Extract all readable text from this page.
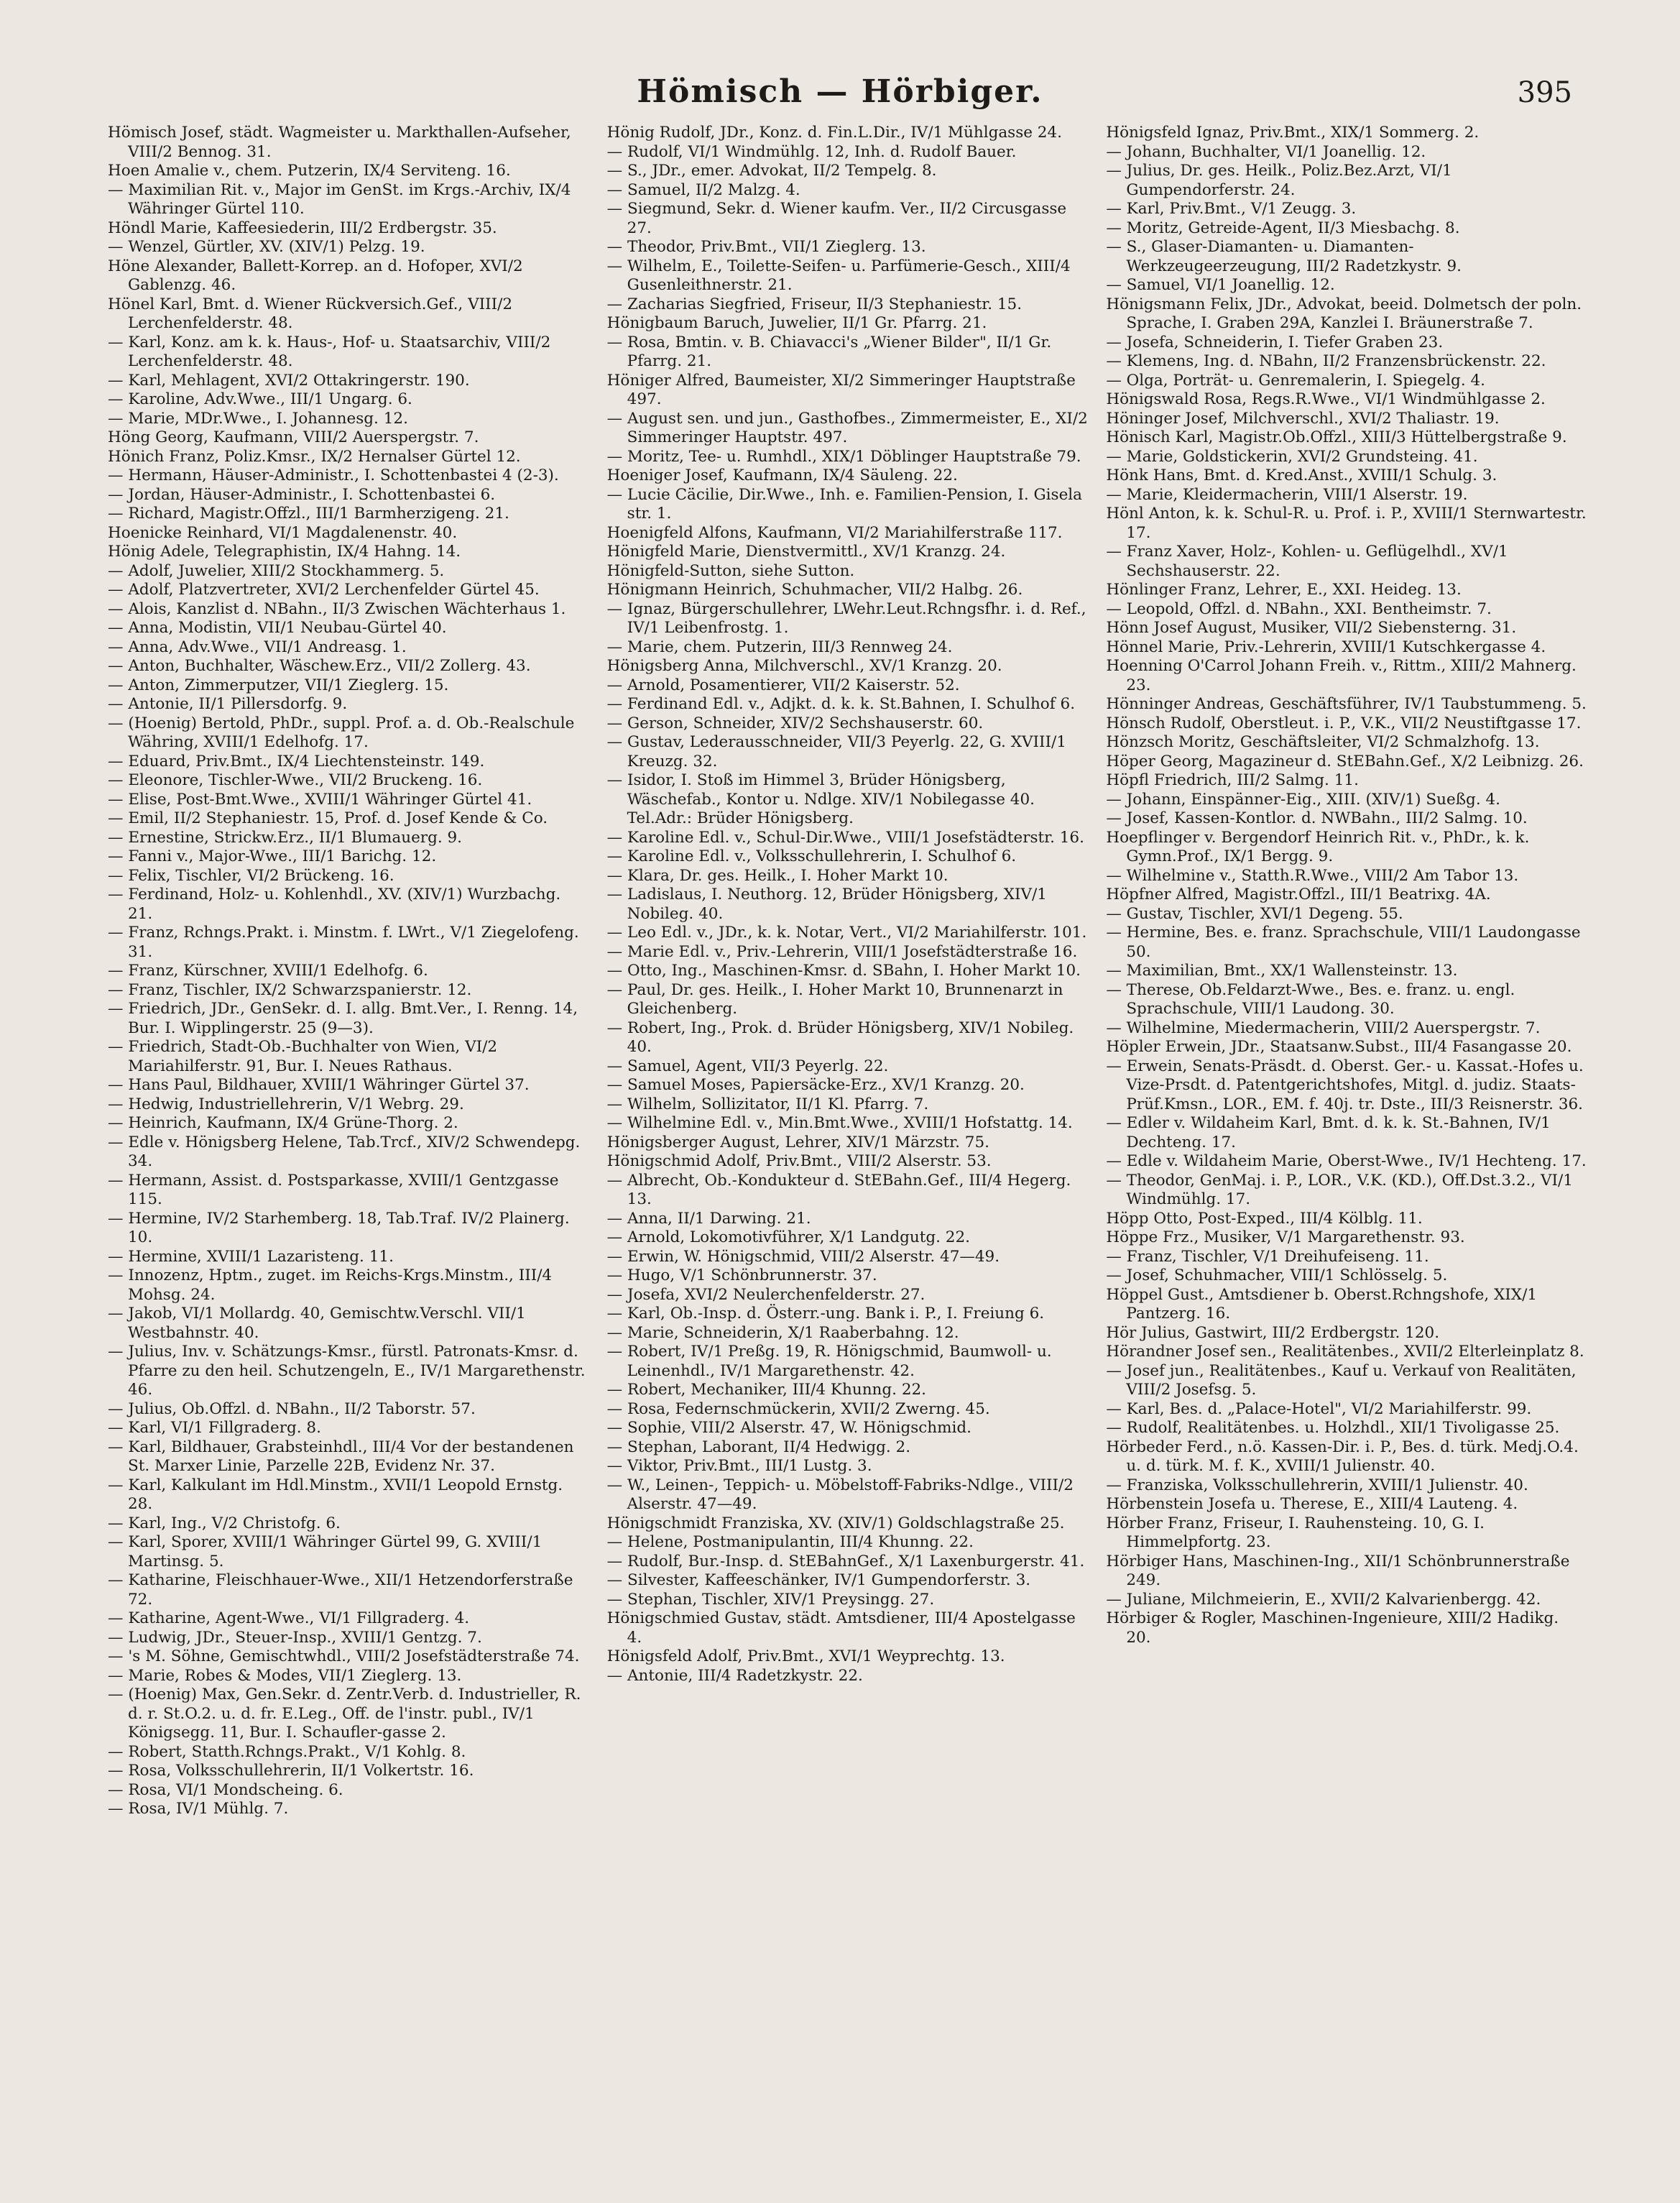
Hömisch — Hörbiger.	395

Hömisch Josef, städt. Wagmeister u. Markthallen-Aufseher, VIII/2 Bennog. 31.

Hoen Amalie v., chem. Putzerin, IX/4 Serviteng. 16.

— Maximilian Rit. v., Major im GenSt. im Krgs.-Archiv, IX/4 Währinger Gürtel 110.

Höndl Marie, Kaffeesiederin, III/2 Erdbergstr. 35.

— Wenzel, Gürtler, XV. (XIV/1) Pelzg. 19.

Höne Alexander, Ballett-Korrep. an d. Hofoper, XVI/2 Gablenzg. 46.

Hönel Karl, Bmt. d. Wiener Rückversich.Gef., VIII/2 Lerchenfelderstr. 48.

— Karl, Konz. am k. k. Haus-, Hof- u. Staatsarchiv, VIII/2 Lerchenfelderstr. 48.

— Karl, Mehlagent, XVI/2 Ottakringerstr. 190.

— Karoline, Adv.Wwe., III/1 Ungarg. 6.

— Marie, MDr.Wwe., I. Johannesg. 12.

Höng Georg, Kaufmann, VIII/2 Auerspergstr. 7.

Hönich Franz, Poliz.Kmsr., IX/2 Hernalser Gürtel 12.

— Hermann, Häuser-Administr., I. Schottenbastei 4 (2-3).

— Jordan, Häuser-Administr., I. Schottenbastei 6.

— Richard, Magistr.Offzl., III/1 Barmherzigeng. 21.

Hoenicke Reinhard, VI/1 Magdalenenstr. 40.

Hönig Adele, Telegraphistin, IX/4 Hahng. 14.

— Adolf, Juwelier, XIII/2 Stockhammerg. 5.

— Adolf, Platzvertreter, XVI/2 Lerchenfelder Gürtel 45.

— Alois, Kanzlist d. NBahn., II/3 Zwischen Wächterhaus 1.

— Anna, Modistin, VII/1 Neubau-Gürtel 40.

— Anna, Adv.Wwe., VII/1 Andreasg. 1.

— Anton, Buchhalter, Wäschew.Erz., VII/2 Zollerg. 43.

— Anton, Zimmerputzer, VII/1 Zieglerg. 15.

— Antonie, II/1 Pillersdorfg. 9.

— (Hoenig) Bertold, PhDr., suppl. Prof. a. d. Ob.-Realschule Währing, XVIII/1 Edelhofg. 17.

— Eduard, Priv.Bmt., IX/4 Liechtensteinstr. 149.

— Eleonore, Tischler-Wwe., VII/2 Bruckeng. 16.

— Elise, Post-Bmt.Wwe., XVIII/1 Währinger Gürtel 41.

— Emil, II/2 Stephaniestr. 15, Prof. d. Josef Kende & Co.

— Ernestine, Strickw.Erz., II/1 Blumauerg. 9.

— Fanni v., Major-Wwe., III/1 Barichg. 12.

— Felix, Tischler, VI/2 Brückeng. 16.

— Ferdinand, Holz- u. Kohlenhdl., XV. (XIV/1) Wurzbachg. 21.

— Franz, Rchngs.Prakt. i. Minstm. f. LWrt., V/1 Ziegelofeng. 31.

— Franz, Kürschner, XVIII/1 Edelhofg. 6.

— Franz, Tischler, IX/2 Schwarzspanierstr. 12.

— Friedrich, JDr., GenSekr. d. I. allg. Bmt.Ver., I. Renng. 14, Bur. I. Wipplingerstr. 25 (9—3).

— Friedrich, Stadt-Ob.-Buchhalter von Wien, VI/2 Mariahilferstr. 91, Bur. I. Neues Rathaus.

— Hans Paul, Bildhauer, XVIII/1 Währinger Gürtel 37.

— Hedwig, Industriellehrerin, V/1 Webrg. 29.

— Heinrich, Kaufmann, IX/4 Grüne-Thorg. 2.

— Edle v. Hönigsberg Helene, Tab.Trcf., XIV/2 Schwendерg. 34.

— Hermann, Assist. d. Postsparkasse, XVIII/1 Gentzgasse 115.

— Hermine, IV/2 Starhemberg. 18, Tab.Traf. IV/2 Plainerg. 10.

— Hermine, XVIII/1 Lazaristeng. 11.

— Innozenz, Hptm., zuget. im Reichs-Krgs.Minstm., III/4 Mohsg. 24.

— Jakob, VI/1 Mollardg. 40, Gemischtw.Verschl. VII/1 Westbahnstr. 40.

— Julius, Inv. v. Schätzungs-Kmsr., fürstl. Patronats-Kmsr. d. Pfarre zu den heil. Schutzengeln, E., IV/1 Margarethenstr. 46.

— Julius, Ob.Offzl. d. NBahn., II/2 Taborstr. 57.

— Karl, VI/1 Fillgraderg. 8.

— Karl, Bildhauer, Grabsteinhdl., III/4 Vor der bestandenen St. Marxer Linie, Parzelle 22B, Evidenz Nr. 37.

— Karl, Kalkulant im Hdl.Minstm., XVII/1 Leopold Ernstg. 28.

— Karl, Ing., V/2 Christofg. 6.

— Karl, Sporer, XVIII/1 Währinger Gürtel 99, G. XVIII/1 Martinsg. 5.

— Katharine, Fleischhauer-Wwe., XII/1 Hetzendorferstraße 72.

— Katharine, Agent-Wwe., VI/1 Fillgraderg. 4.

— Ludwig, JDr., Steuer-Insp., XVIII/1 Gentzg. 7.

— 's M. Söhne, Gemischtwhdl., VIII/2 Josefstädterstraße 74.

— Marie, Robes & Modes, VII/1 Zieglerg. 13.

— (Hoenig) Max, Gen.Sekr. d. Zentr.Verb. d. Industrieller, R. d. r. St.O.2. u. d. fr. E.Leg., Off. de l'instr. publ., IV/1 Königsegg. 11, Bur. I. Schaufler-gasse 2.

— Robert, Statth.Rchngs.Prakt., V/1 Kohlg. 8.

— Rosa, Volksschullehrerin, II/1 Volkertstr. 16.

— Rosa, VI/1 Mondscheing. 6.

— Rosa, IV/1 Mühlg. 7.

Hönig Rudolf, JDr., Konz. d. Fin.L.Dir., IV/1 Mühlgasse 24.

— Rudolf, VI/1 Windmühlg. 12, Inh. d. Rudolf Bauer.

— S., JDr., emer. Advokat, II/2 Tempelg. 8.

— Samuel, II/2 Malzg. 4.

— Siegmund, Sekr. d. Wiener kaufm. Ver., II/2 Circusgasse 27.

— Theodor, Priv.Bmt., VII/1 Zieglerg. 13.

— Wilhelm, E., Toilette-Seifen- u. Parfümerie-Gesch., XIII/4 Gusenleithnerstr. 21.

— Zacharias Siegfried, Friseur, II/3 Stephaniestr. 15.

Hönigbaum Baruch, Juwelier, II/1 Gr. Pfarrg. 21.

— Rosa, Bmtin. v. B. Chiavacci's „Wiener Bilder", II/1 Gr. Pfarrg. 21.

Höniger Alfred, Baumeister, XI/2 Simmeringer Hauptstraße 497.

— August sen. und jun., Gasthofbes., Zimmermeister, E., XI/2 Simmeringer Hauptstr. 497.

— Moritz, Tee- u. Rumhdl., XIX/1 Döblinger Hauptstraße 79.

Hoeniger Josef, Kaufmann, IX/4 Säuleng. 22.

— Lucie Cäcilie, Dir.Wwe., Inh. e. Familien-Pension, I. Gisela str. 1.

Hoenigfeld Alfons, Kaufmann, VI/2 Mariahilferstraße 117.

Hönigfeld Marie, Dienstvermittl., XV/1 Kranzg. 24.

Hönigfeld-Sutton, siehe Sutton.

Hönigmann Heinrich, Schuhmacher, VII/2 Halbg. 26.

— Ignaz, Bürgerschullehrer, LWehr.Leut.Rchngsfhr. i. d. Ref., IV/1 Leibenfrostg. 1.

— Marie, chem. Putzerin, III/3 Rennweg 24.

Hönigsberg Anna, Milchverschl., XV/1 Kranzg. 20.

— Arnold, Posamentierer, VII/2 Kaiserstr. 52.

— Ferdinand Edl. v., Adjkt. d. k. k. St.Bahnen, I. Schulhof 6.

— Gerson, Schneider, XIV/2 Sechshauserstr. 60.

— Gustav, Lederausschneider, VII/3 Peyerlg. 22, G. XVIII/1 Kreuzg. 32.

— Isidor, I. Stoß im Himmel 3, Brüder Hönigsberg, Wäschefab., Kontor u. Ndlge. XIV/1 Nobilegasse 40. Tel.Adr.: Brüder Hönigsberg.

— Karoline Edl. v., Schul-Dir.Wwe., VIII/1 Josefstädterstr. 16.

— Karoline Edl. v., Volksschullehrerin, I. Schulhof 6.

— Klara, Dr. ges. Heilk., I. Hoher Markt 10.

— Ladislaus, I. Neuthorg. 12, Brüder Hönigsberg, XIV/1 Nobileg. 40.

— Leo Edl. v., JDr., k. k. Notar, Vert., VI/2 Mariahilferstr. 101.

— Marie Edl. v., Priv.-Lehrerin, VIII/1 Josefstädterstraße 16.

— Otto, Ing., Maschinen-Kmsr. d. SBahn, I. Hoher Markt 10.

— Paul, Dr. ges. Heilk., I. Hoher Markt 10, Brunnenarzt in Gleichenberg.

— Robert, Ing., Prok. d. Brüder Hönigsberg, XIV/1 Nobileg. 40.

— Samuel, Agent, VII/3 Peyerlg. 22.

— Samuel Moses, Papiersäcke-Erz., XV/1 Kranzg. 20.

— Wilhelm, Sollizitator, II/1 Kl. Pfarrg. 7.

— Wilhelmine Edl. v., Min.Bmt.Wwe., XVIII/1 Hofstattg. 14.

Hönigsberger August, Lehrer, XIV/1 Märzstr. 75.

Hönigschmid Adolf, Priv.Bmt., VIII/2 Alserstr. 53.

— Albrecht, Ob.-Kondukteur d. StEBahn.Gef., III/4 Hegerg. 13.

— Anna, II/1 Darwing. 21.

— Arnold, Lokomotivführer, X/1 Landgutg. 22.

— Erwin, W. Hönigschmid, VIII/2 Alserstr. 47—49.

— Hugo, V/1 Schönbrunnerstr. 37.

— Josefa, XVI/2 Neulerchenfelderstr. 27.

— Karl, Ob.-Insp. d. Österr.-ung. Bank i. P., I. Freiung 6.

— Marie, Schneiderin, X/1 Raaberbahng. 12.

— Robert, IV/1 Preßg. 19, R. Hönigschmid, Baumwoll- u. Leinenhdl., IV/1 Margarethenstr. 42.

— Robert, Mechaniker, III/4 Khunng. 22.

— Rosa, Federnschmückerin, XVII/2 Zwerng. 45.

— Sophie, VIII/2 Alserstr. 47, W. Hönigschmid.

— Stephan, Laborant, II/4 Hedwigg. 2.

— Viktor, Priv.Bmt., III/1 Lustg. 3.

— W., Leinen-, Teppich- u. Möbelstoff-Fabriks-Ndlge., VIII/2 Alserstr. 47—49.

Hönigschmidt Franziska, XV. (XIV/1) Goldschlagstraße 25.

— Helene, Postmanipulantin, III/4 Khunng. 22.

— Rudolf, Bur.-Insp. d. StEBahnGef., X/1 Laxenburgerstr. 41.

— Silvester, Kaffeeschänker, IV/1 Gumpendorferstr. 3.

— Stephan, Tischler, XIV/1 Preysingg. 27.

Hönigschmied Gustav, städt. Amtsdiener, III/4 Apostelgasse 4.

Hönigsfeld Adolf, Priv.Bmt., XVI/1 Weyprechtg. 13.

— Antonie, III/4 Radetzkystr. 22.

Hönigsfeld Ignaz, Priv.Bmt., XIX/1 Sommerg. 2.

— Johann, Buchhalter, VI/1 Joanellig. 12.

— Julius, Dr. ges. Heilk., Poliz.Bez.Arzt, VI/1 Gumpendorferstr. 24.

— Karl, Priv.Bmt., V/1 Zeugg. 3.

— Moritz, Getreide-Agent, II/3 Miesbachg. 8.

— S., Glaser-Diamanten- u. Diamanten-Werkzeugeerzeugung, III/2 Radetzkystr. 9.

— Samuel, VI/1 Joanellig. 12.

Hönigsmann Felix, JDr., Advokat, beeid. Dolmetsch der poln. Sprache, I. Graben 29A, Kanzlei I. Bräunerstraße 7.

— Josefa, Schneiderin, I. Tiefer Graben 23.

— Klemens, Ing. d. NBahn, II/2 Franzensbrückenstr. 22.

— Olga, Porträt- u. Genremalerin, I. Spiegelg. 4.

Hönigswald Rosa, Regs.R.Wwe., VI/1 Windmühlgasse 2.

Höninger Josef, Milchverschl., XVI/2 Thaliastr. 19.

Hönisch Karl, Magistr.Ob.Offzl., XIII/3 Hüttelbergstraße 9.

— Marie, Goldstickerin, XVI/2 Grundsteing. 41.

Hönk Hans, Bmt. d. Kred.Anst., XVIII/1 Schulg. 3.

— Marie, Kleidermacherin, VIII/1 Alserstr. 19.

Hönl Anton, k. k. Schul-R. u. Prof. i. P., XVIII/1 Sternwartestr. 17.

— Franz Xaver, Holz-, Kohlen- u. Geflügelhdl., XV/1 Sechshauserstr. 22.

Hönlinger Franz, Lehrer, E., XXI. Heideg. 13.

— Leopold, Offzl. d. NBahn., XXI. Bentheimstr. 7.

Hönn Josef August, Musiker, VII/2 Siebensterng. 31.

Hönnel Marie, Priv.-Lehrerin, XVIII/1 Kutschkergasse 4.

Hoenning O'Carrol Johann Freih. v., Rittm., XIII/2 Mahnerg. 23.

Hönninger Andreas, Geschäftsführer, IV/1 Taubstummeng. 5.

Hönsch Rudolf, Oberstleut. i. P., V.K., VII/2 Neustiftgasse 17.

Hönzsch Moritz, Geschäftsleiter, VI/2 Schmalzhofg. 13.

Höper Georg, Magazineur d. StEBahn.Gef., X/2 Leibnizg. 26.

Höpfl Friedrich, III/2 Salmg. 11.

— Johann, Einspänner-Eig., XIII. (XIV/1) Sueßg. 4.

— Josef, Kassen-Kontlor. d. NWBahn., III/2 Salmg. 10.

Hoepflinger v. Bergendorf Heinrich Rit. v., PhDr., k. k. Gymn.Prof., IX/1 Bergg. 9.

— Wilhelmine v., Statth.R.Wwe., VIII/2 Am Tabor 13.

Höpfner Alfred, Magistr.Offzl., III/1 Beatrixg. 4A.

— Gustav, Tischler, XVI/1 Degeng. 55.

— Hermine, Bes. e. franz. Sprachschule, VIII/1 Laudongasse 50.

— Maximilian, Bmt., XX/1 Wallensteinstr. 13.

— Therese, Ob.Feldarzt-Wwe., Bes. e. franz. u. engl. Sprachschule, VIII/1 Laudong. 30.

— Wilhelmine, Miedermacherin, VIII/2 Auerspergstr. 7.

Höpler Erwein, JDr., Staatsanw.Subst., III/4 Fasangasse 20.

— Erwein, Senats-Präsdt. d. Oberst. Ger.- u. Kassat.-Hofes u. Vize-Prsdt. d. Patentgerichtshofes, Mitgl. d. judiz. Staats-Prüf.Kmsn., LOR., EM. f. 40j. tr. Dste., III/3 Reisnerstr. 36.

— Edler v. Wildaheim Karl, Bmt. d. k. k. St.-Bahnen, IV/1 Dechteng. 17.

— Edle v. Wildaheim Marie, Oberst-Wwe., IV/1 Hechteng. 17.

— Theodor, GenMaj. i. P., LOR., V.K. (KD.), Off.Dst.3.2., VI/1 Windmühlg. 17.

Höpp Otto, Post-Exped., III/4 Kölblg. 11.

Höppe Frz., Musiker, V/1 Margarethenstr. 93.

— Franz, Tischler, V/1 Dreihufeiseng. 11.

— Josef, Schuhmacher, VIII/1 Schlösselg. 5.

Höppel Gust., Amtsdiener b. Oberst.Rchngshofe, XIX/1 Pantzerg. 16.

Hör Julius, Gastwirt, III/2 Erdbergstr. 120.

Hörandner Josef sen., Realitätenbes., XVII/2 Elterleinplatz 8.

— Josef jun., Realitätenbes., Kauf u. Verkauf von Realitäten, VIII/2 Josefsg. 5.

— Karl, Bes. d. „Palace-Hotel", VI/2 Mariahilferstr. 99.

— Rudolf, Realitätenbes. u. Holzhdl., XII/1 Tivoligasse 25.

Hörbeder Ferd., n.ö. Kassen-Dir. i. P., Bes. d. türk. Medj.O.4. u. d. türk. M. f. K., XVIII/1 Julienstr. 40.

— Franziska, Volksschullehrerin, XVIII/1 Julienstr. 40.

Hörbenstein Josefa u. Therese, E., XIII/4 Lauteng. 4.

Hörber Franz, Friseur, I. Rauhensteing. 10, G. I. Himmelpfortg. 23.

Hörbiger Hans, Maschinen-Ing., XII/1 Schönbrunnerstraße 249.

— Juliane, Milchmeierin, E., XVII/2 Kalvarienbergg. 42.

Hörbiger & Rogler, Maschinen-Ingenieure, XIII/2 Hadikg. 20.
